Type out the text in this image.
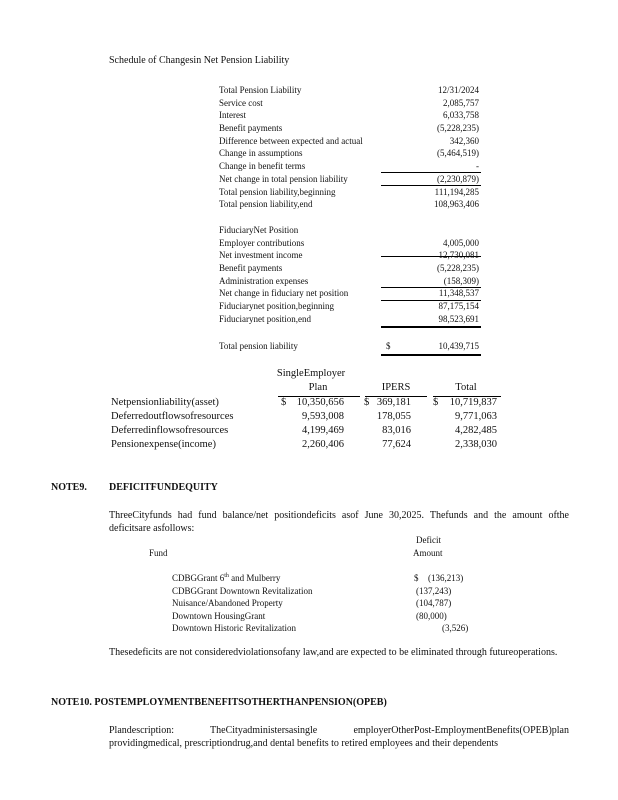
Schedule of Changesin Net Pension Liability
Total Pension Liability	12/31/2024
Service cost	2,085,757
Interest	6,033,758
Benefit payments	(5,228,235)
Difference between expected and actual	342,360
Change in assumptions	(5,464,519)
Change in benefit terms	-
Net change in total pension liability	(2,230,879)
Total pension liability,beginning	111,194,285
Total pension liability,end	108,963,406
FiduciaryNet Position
Employer contributions	4,005,000
Net investment income	12,730,081
Benefit payments	(5,228,235)
Administration expenses	(158,309)
Net change in fiduciary net position	11,348,537
Fiduciarynet position,beginning	87,175,154
Fiduciarynet position,end	98,523,691
Total pension liability	$	10,439,715
SingleEmployer
Plan	IPERS	Total
Netpensionliability(asset)	$ 10,350,656 $ 369,181 $ 10,719,837
Deferredoutflowsofresources	9,593,008	178,055	9,771,063
Deferredinflowsofresources	4,199,469	83,016	4,282,485
Pensionexpense(income)	2,260,406	77,624	2,338,030
NOTE9. DEFICITFUNDEQUITY
ThreeCityfunds had fund balance/net positiondeficits asof June 30,2025. Thefunds and the amount ofthe deficitsare asfollows:
Deficit
Fund	Amount
CDBGGrant 6th and Mulberry	$ (136,213)
CDBGGrant Downtown Revitalization	(137,243)
Nuisance/Abandoned Property	(104,787)
Downtown HousingGrant	(80,000)
Downtown Historic Revitalization	(3,526)
Thesedeficits are not consideredviolationsofany law,and are expected to be eliminated through futureoperations.
NOTE10. POSTEMPLOYMENTBENEFITSOTHERTHANPENSION(OPEB)
Plandescription: TheCityadministersasingle employerOtherPost-EmploymentBenefits(OPEB)plan providingmedical, prescriptiondrug,and dental benefits to retired employees and their dependents
